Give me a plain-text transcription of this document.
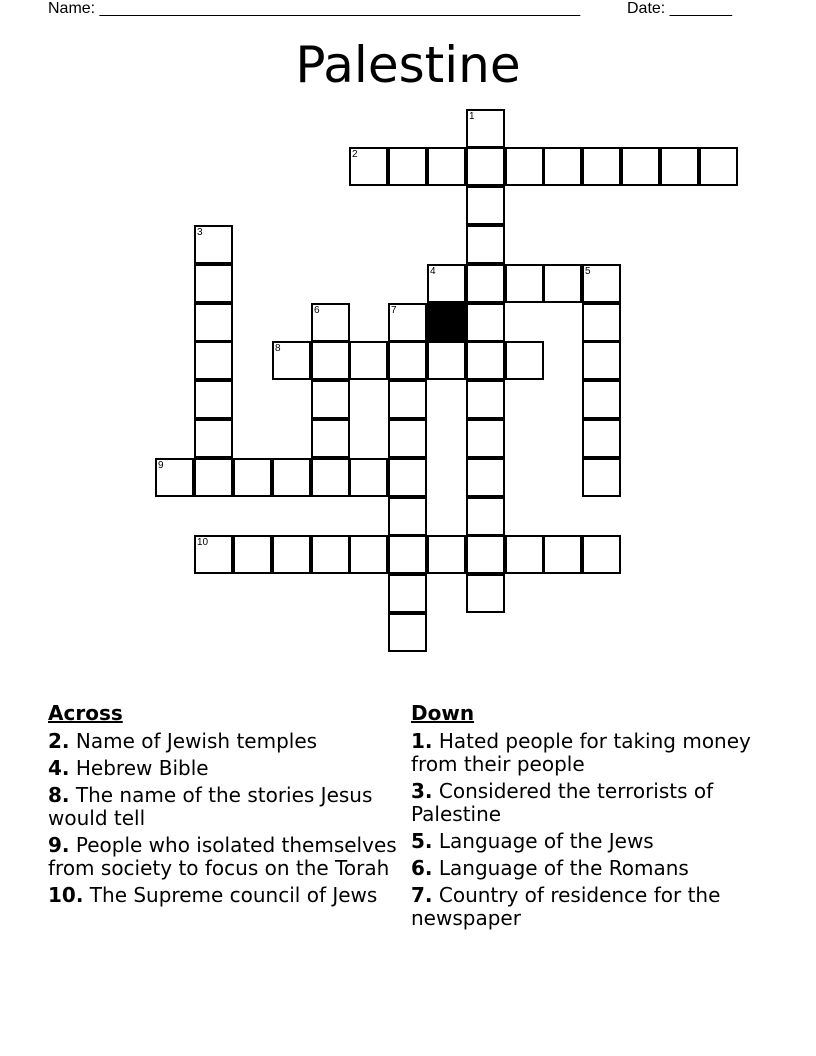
Name: ______________________________________________________	Date: _______
Palestine
2
4	5
8
9
10
1
3
6	7
Across
2. Name of Jewish temples
4. Hebrew Bible
8. The name of the stories Jesus would tell
9. People who isolated themselves from society to focus on the Torah
10. The Supreme council of Jews
Down
1. Hated people for taking money from their people
3. Considered the terrorists of Palestine
5. Language of the Jews
6. Language of the Romans
7. Country of residence for the newspaper
